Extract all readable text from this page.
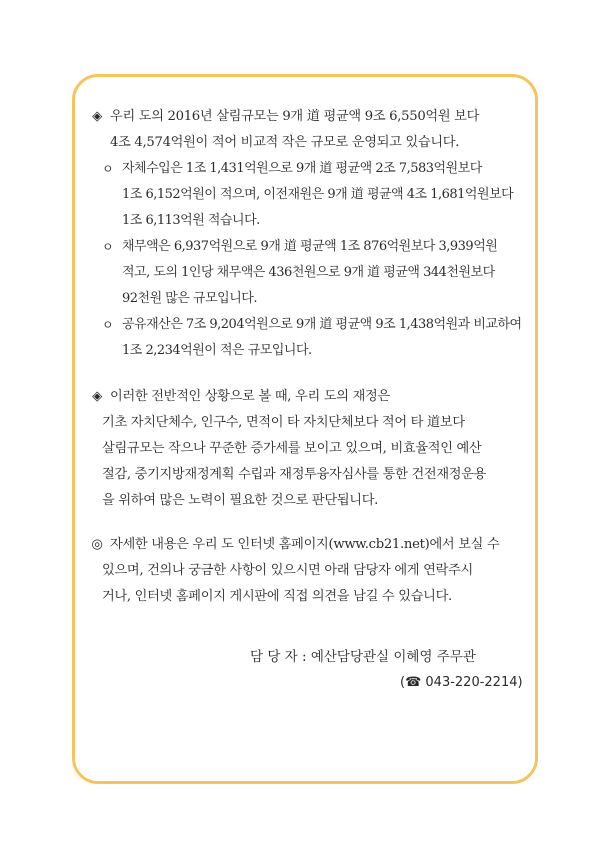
◈ 우리 도의 2016년 살림규모는 9개 道 평균액 9조 6,550억원 보다
4조 4,574억원이 적어 비교적 작은 규모로 운영되고 있습니다.
ㅇ 자체수입은 1조 1,431억원으로 9개 道 평균액 2조 7,583억원보다
1조 6,152억원이 적으며, 이전재원은 9개 道 평균액 4조 1,681억원보다
1조 6,113억원 적습니다.
ㅇ 채무액은 6,937억원으로 9개 道 평균액 1조 876억원보다 3,939억원
적고, 도의 1인당 채무액은 436천원으로 9개 道 평균액 344천원보다
92천원 많은 규모입니다.
ㅇ 공유재산은 7조 9,204억원으로 9개 道 평균액 9조 1,438억원과 비교하여
1조 2,234억원이 적은 규모입니다.
◈ 이러한 전반적인 상황으로 볼 때, 우리 도의 재정은
기초 자치단체수, 인구수, 면적이 타 자치단체보다 적어 타 道보다
살림규모는 작으나 꾸준한 증가세를 보이고 있으며, 비효율적인 예산
절감, 중기지방재정계획 수립과 재정투융자심사를 통한 건전재정운용
을 위하여 많은 노력이 필요한 것으로 판단됩니다.
◎ 자세한 내용은 우리 도 인터넷 홈페이지(www.cb21.net)에서 보실 수
있으며, 건의나 궁금한 사항이 있으시면 아래 담당자 에게 연락주시
거나, 인터넷 홈페이지 게시판에 직접 의견을 남길 수 있습니다.
담 당 자 : 예산담당관실 이혜영 주무관
(☎ 043-220-2214)
